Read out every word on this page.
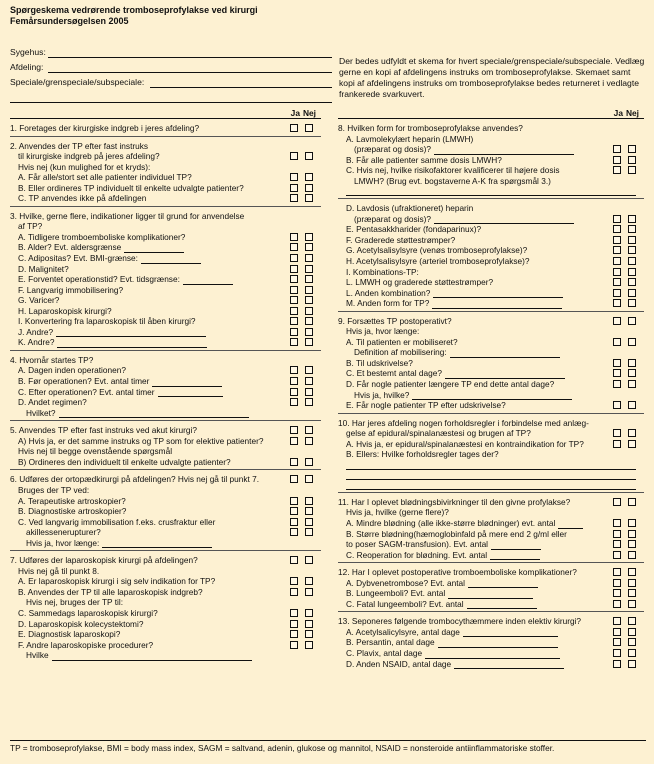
Spørgeskema vedrørende tromboseprofylakse ved kirurgi
Femårsundersøgelsen 2005
Sygehus:
Afdeling:
Speciale/grenspeciale/subspeciale:
Der bedes udfyldt et skema for hvert speciale/grenspeciale/subspeciale. Vedlæg gerne en kopi af afdelingens instruks om tromboseprofylakse. Skemaet samt kopi af afdelingens instruks om tromboseprofylakse bedes returneret i vedlagte frankerede svarkuvert.
Ja Nej
1. Foretages der kirurgiske indgreb i jeres afdeling?
2. Anvendes der TP efter fast instruks
til kirurgiske indgreb på jeres afdeling?
Hvis nej (kun mulighed for et kryds):
A. Får alle/stort set alle patienter individuel TP?
B. Eller ordineres TP individuelt til enkelte udvalgte patienter?
C. TP anvendes ikke på afdelingen
3. Hvilke, gerne flere, indikationer ligger til grund for anvendelse
af TP?
A. Tidligere tromboemboliske komplikationer?
B. Alder? Evt. aldersgrænse
C. Adipositas? Evt. BMI-grænse:
D. Malignitet?
E. Forventet operationstid? Evt. tidsgrænse:
F. Langvarig immobilisering?
G. Varicer?
H. Laparoskopisk kirurgi?
I. Konvertering fra laparoskopisk til åben kirurgi?
J. Andre?
K. Andre?
4. Hvornår startes TP?
A. Dagen inden operationen?
B. Før operationen? Evt. antal timer
C. Efter operationen? Evt. antal timer
D. Andet regimen?
Hvilket?
5. Anvendes TP efter fast instruks ved akut kirurgi?
A) Hvis ja, er det samme instruks og TP som for elektive patienter?
Hvis nej til begge ovenstående spørgsmål
B) Ordineres den individuelt til enkelte udvalgte patienter?
6. Udføres der ortopædkirurgi på afdelingen? Hvis nej gå til punkt 7.
Bruges der TP ved:
A. Terapeutiske artroskopier?
B. Diagnostiske artroskopier?
C. Ved langvarig immobilisation f.eks. crusfraktur eller
akillessenerupturer?
Hvis ja, hvor længe:
7. Udføres der laparoskopisk kirurgi på afdelingen?
Hvis nej gå til punkt 8.
A. Er laparoskopisk kirurgi i sig selv indikation for TP?
B. Anvendes der TP til alle laparoskopisk indgreb?
Hvis nej, bruges der TP til:
C. Sammedags laparoskopisk kirurgi?
D. Laparoskopisk kolecystektomi?
E. Diagnostisk laparoskopi?
F. Andre laparoskopiske procedurer?
Hvilke
Ja Nej
8. Hvilken form for tromboseprofylakse anvendes?
A. Lavmolekylært heparin (LMWH)
(præparat og dosis)?
B. Får alle patienter samme dosis LMWH?
C. Hvis nej, hvilke risikofaktorer kvalificerer til højere dosis
LMWH? (Brug evt. bogstaverne A-K fra spørgsmål 3.)
D. Lavdosis (ufraktioneret) heparin
(præparat og dosis)?
E. Pentasakkharider (fondaparinux)?
F. Graderede støttestrømper?
G. Acetylsalisylsyre (venøs tromboseprofylakse)?
H. Acetylsalisylsyre (arteriel tromboseprofylakse)?
I. Kombinations-TP:
L. LMWH og graderede støttestrømper?
L. Anden kombination?
M. Anden form for TP?
9. Forsættes TP postoperativt?
Hvis ja, hvor længe:
A. Til patienten er mobiliseret?
Definition af mobilisering:
B. Til udskrivelse?
C. Et bestemt antal dage?
D. Får nogle patienter længere TP end dette antal dage?
Hvis ja, hvilke?
E. Får nogle patienter TP efter udskrivelse?
10. Har jeres afdeling nogen forholdsregler i forbindelse med anlæg-
gelse af epidural/spinalanæstesi og brugen af TP?
A. Hvis ja, er epidural/spinalanæstesi en kontraindikation for TP?
B. Ellers: Hvilke forholdsregler tages der?
11. Har I oplevet blødningsbivirkninger til den givne profylakse?
Hvis ja, hvilke (gerne flere)?
A. Mindre blødning (alle ikke-større blødninger) evt. antal
B. Større blødning(hæmoglobinfald på mere end 2 g/ml eller
to poser SAGM-transfusion). Evt. antal
C. Reoperation for blødning. Evt. antal
12. Har I oplevet postoperative tromboemboliske komplikationer?
A. Dybvenetrombose? Evt. antal
B. Lungeemboli? Evt. antal
C. Fatal lungeemboli? Evt. antal
13. Seponeres følgende trombocythæmmere inden elektiv kirurgi?
A. Acetylsalicylsyre, antal dage
B. Persantin, antal dage
C. Plavix, antal dage
D. Anden NSAID, antal dage
TP = tromboseprofylakse, BMI = body mass index, SAGM = saltvand, adenin, glukose og mannitol, NSAID = nonsteroide antiinflammatoriske stoffer.
